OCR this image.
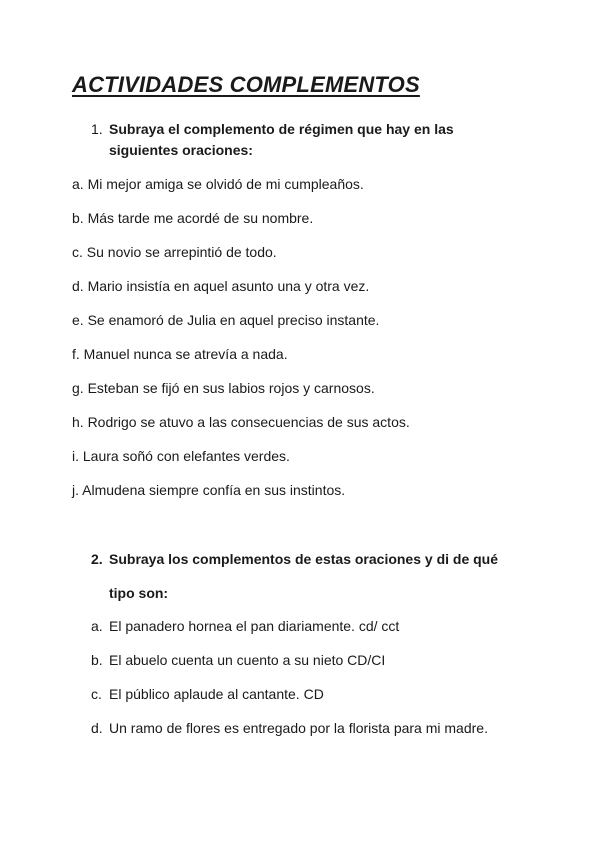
ACTIVIDADES COMPLEMENTOS
1. Subraya el complemento de régimen que hay en las
siguientes oraciones:
a. Mi mejor amiga se olvidó de mi cumpleaños.
b. Más tarde me acordé de su nombre.
c. Su novio se arrepintió de todo.
d. Mario insistía en aquel asunto una y otra vez.
e. Se enamoró de Julia en aquel preciso instante.
f. Manuel nunca se atrevía a nada.
g. Esteban se fijó en sus labios rojos y carnosos.
h. Rodrigo se atuvo a las consecuencias de sus actos.
i. Laura soñó con elefantes verdes.
j. Almudena siempre confía en sus instintos.
2. Subraya los complementos de estas oraciones y di de qué
tipo son:
a. El panadero hornea el pan diariamente. cd/ cct
b. El abuelo cuenta un cuento a su nieto CD/CI
c. El público aplaude al cantante. CD
d. Un ramo de flores es entregado por la florista para mi madre.
